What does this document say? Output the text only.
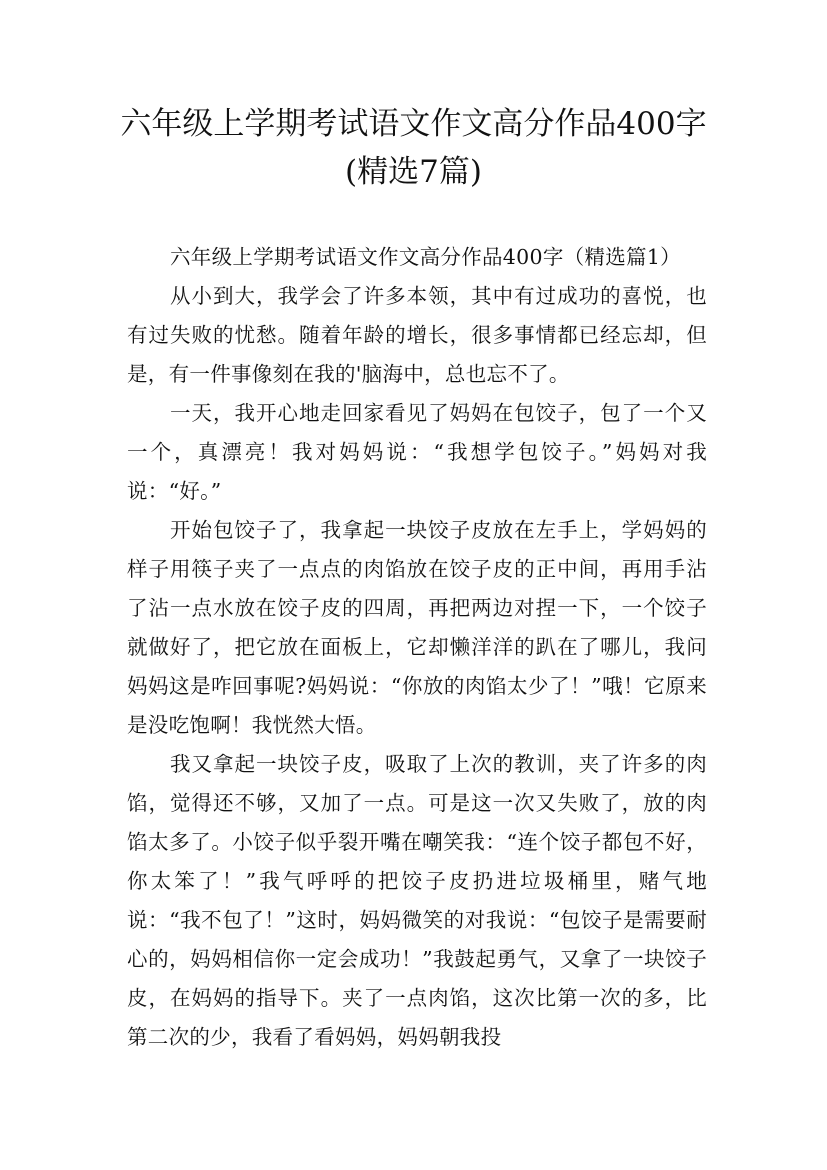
六年级上学期考试语文作文高分作品400字
(精选7篇)

六年级上学期考试语文作文高分作品400字（精选篇1）

从小到大，我学会了许多本领，其中有过成功的喜悦，也有过失败的忧愁。随着年龄的增长，很多事情都已经忘却，但是，有一件事像刻在我的'脑海中，总也忘不了。

一天，我开心地走回家看见了妈妈在包饺子，包了一个又一个，真漂亮！我对妈妈说：“我想学包饺子。”妈妈对我说：“好。”

开始包饺子了，我拿起一块饺子皮放在左手上，学妈妈的样子用筷子夹了一点点的肉馅放在饺子皮的正中间，再用手沾了沾一点水放在饺子皮的四周，再把两边对捏一下，一个饺子就做好了，把它放在面板上，它却懒洋洋的趴在了哪儿，我问妈妈这是咋回事呢?妈妈说：“你放的肉馅太少了！”哦！它原来是没吃饱啊！我恍然大悟。

我又拿起一块饺子皮，吸取了上次的教训，夹了许多的肉馅，觉得还不够，又加了一点。可是这一次又失败了，放的肉馅太多了。小饺子似乎裂开嘴在嘲笑我：“连个饺子都包不好，你太笨了！”我气呼呼的把饺子皮扔进垃圾桶里，赌气地说：“我不包了！”这时，妈妈微笑的对我说：“包饺子是需要耐心的，妈妈相信你一定会成功！”我鼓起勇气，又拿了一块饺子皮，在妈妈的指导下。夹了一点肉馅，这次比第一次的多，比第二次的少，我看了看妈妈，妈妈朝我投
